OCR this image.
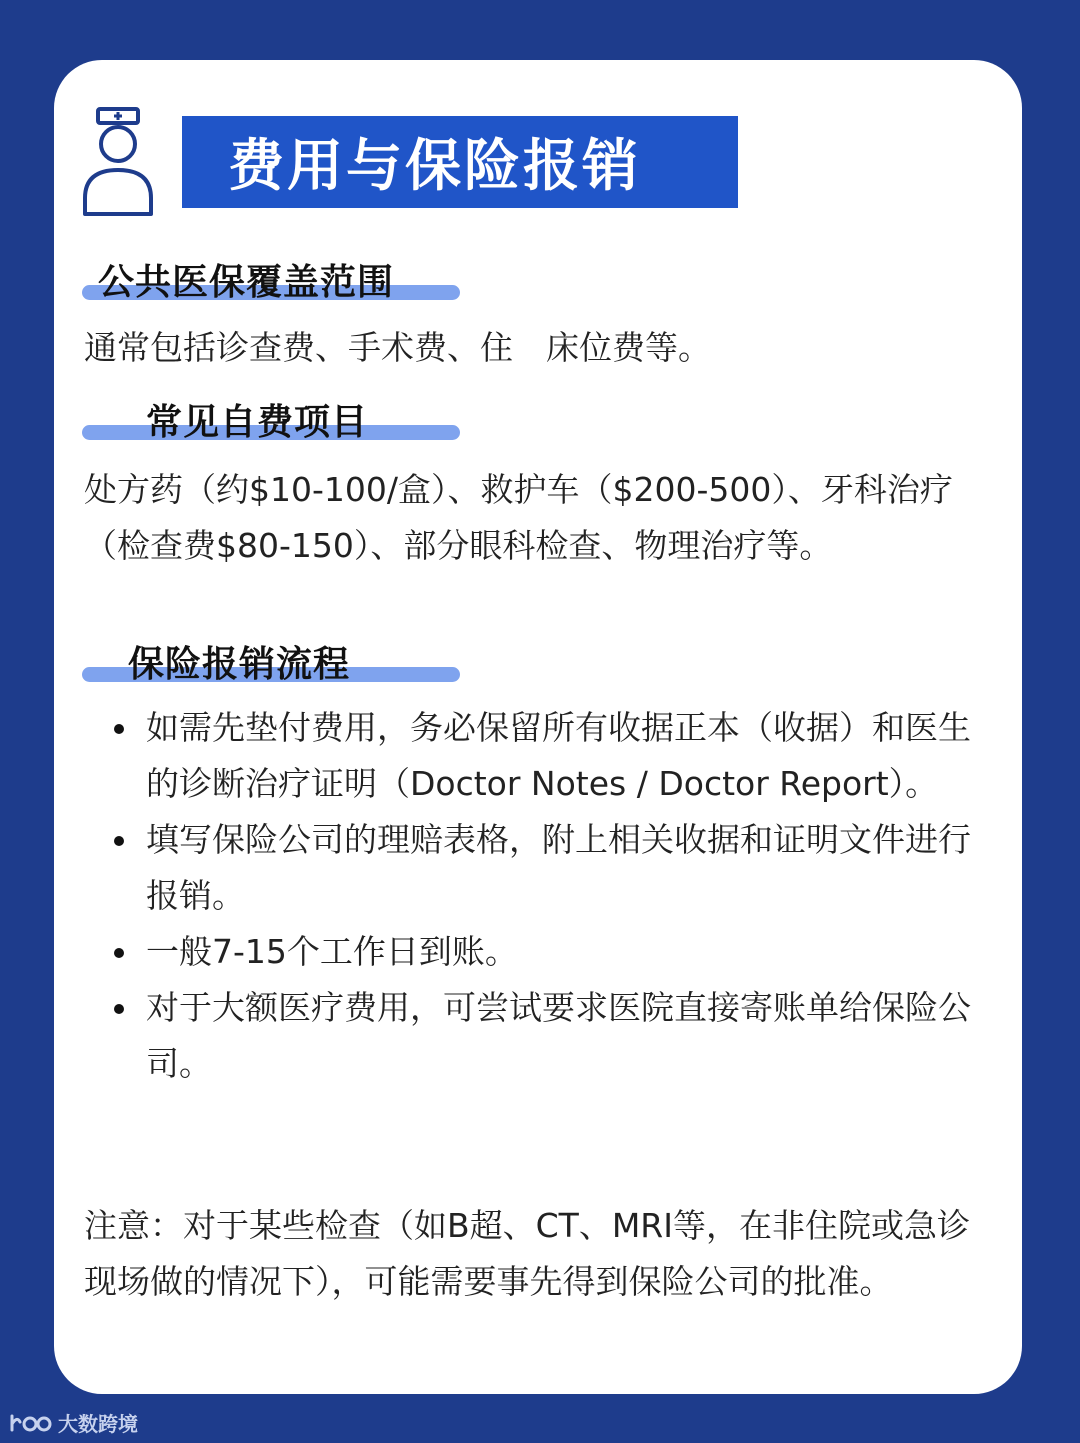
费用与保险报销
公共医保覆盖范围
通常包括诊查费、手术费、住　床位费等。
常见自费项目
处方药（约$10-100/盒）、救护车（$200-500）、牙科治疗（检查费$80-150）、部分眼科检查、物理治疗等。
保险报销流程
如需先垫付费用，务必保留所有收据正本（收据）和医生的诊断治疗证明（Doctor Notes / Doctor Report）。
填写保险公司的理赔表格，附上相关收据和证明文件进行报销。
一般7-15个工作日到账。
对于大额医疗费用，可尝试要求医院直接寄账单给保险公司。
注意：对于某些检查（如B超、CT、MRI等，在非住院或急诊现场做的情况下），可能需要事先得到保险公司的批准。
大数跨境
